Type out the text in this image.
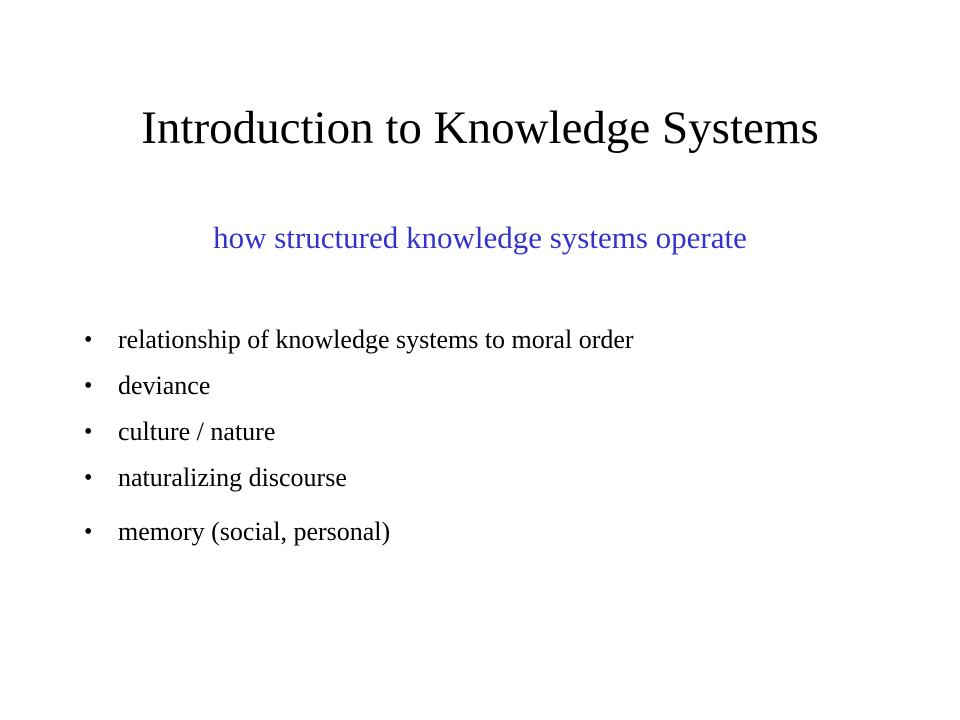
Introduction to Knowledge Systems

how structured knowledge systems operate

• relationship of knowledge systems to moral order
• deviance
• culture / nature
• naturalizing discourse
• memory (social, personal)
